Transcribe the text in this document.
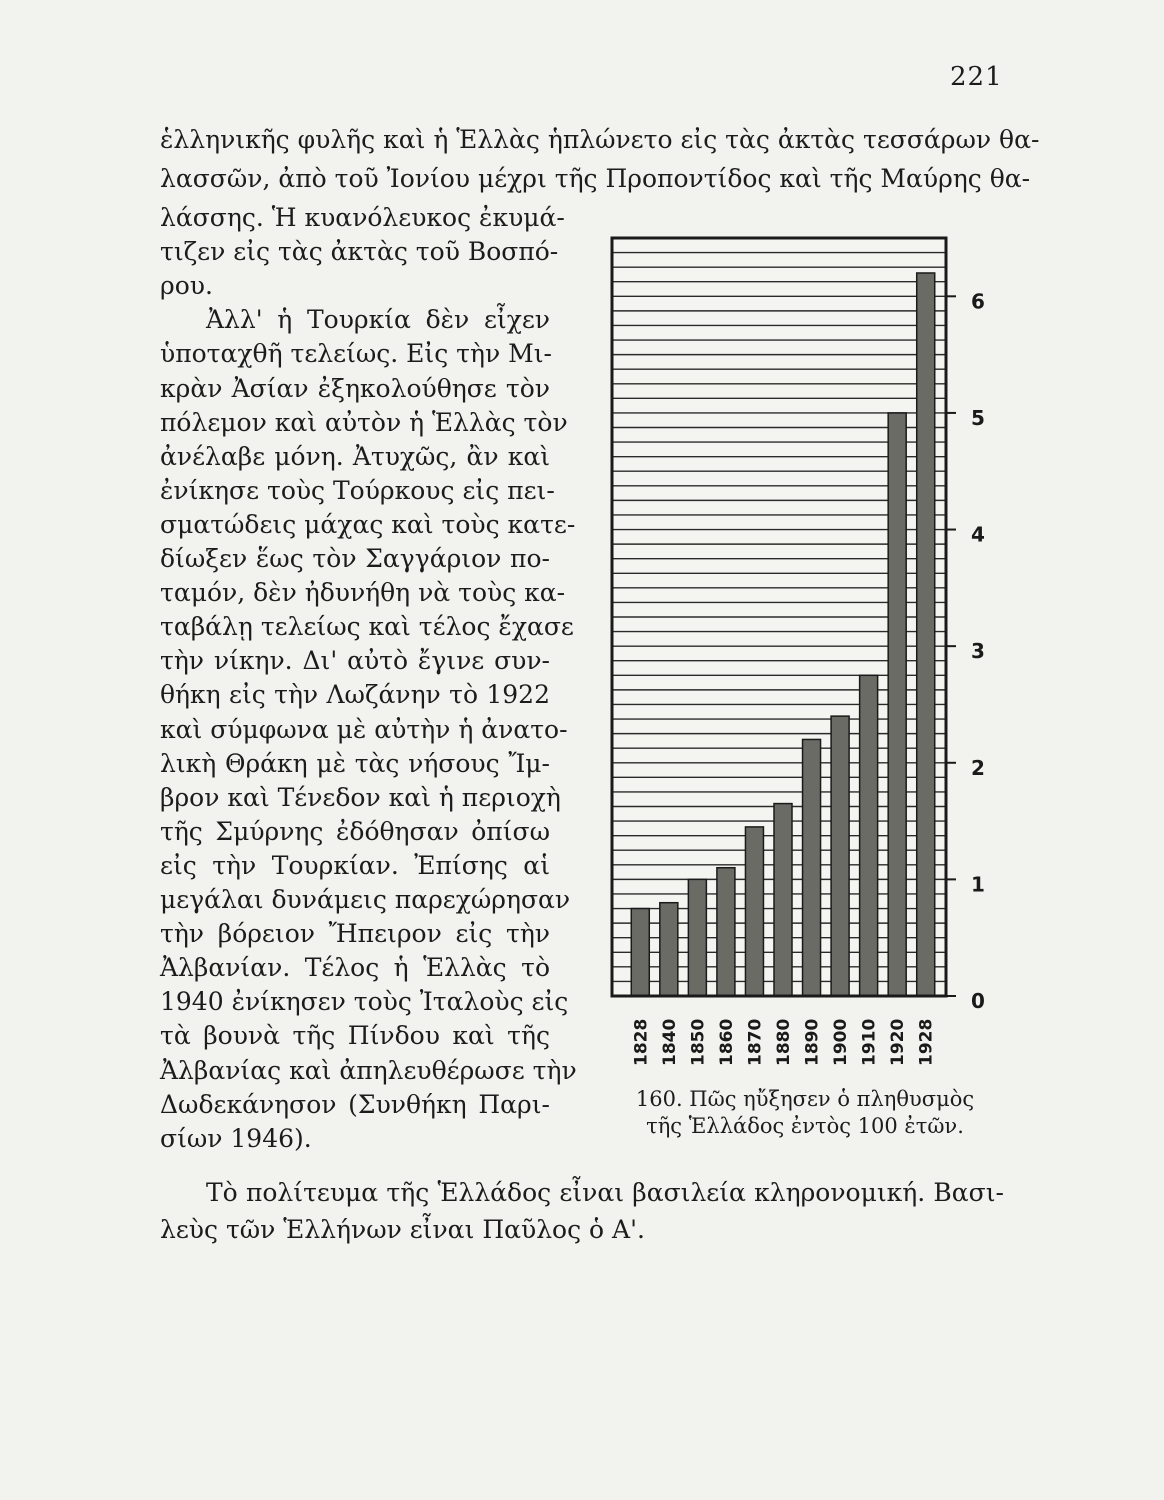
221
ἑλληνικῆς φυλῆς καὶ ἡ Ἑλλὰς ἡπλώνετο εἰς τὰς ἀκτὰς τεσσάρων θα-
λασσῶν, ἀπὸ τοῦ Ἰονίου μέχρι τῆς Προποντίδος καὶ τῆς Μαύρης θα-
λάσσης. Ἡ κυανόλευκος ἐκυμά-
τιζεν εἰς τὰς ἀκτὰς τοῦ Βοσπό-
ρου.
Ἀλλ' ἡ Τουρκία δὲν εἶχεν
ὑποταχθῆ τελείως. Εἰς τὴν Μι-
κρὰν Ἀσίαν ἐξηκολούθησε τὸν
πόλεμον καὶ αὐτὸν ἡ Ἑλλὰς τὸν
ἀνέλαβε μόνη. Ἀτυχῶς, ἂν καὶ
ἐνίκησε τοὺς Τούρκους εἰς πει-
σματώδεις μάχας καὶ τοὺς κατε-
δίωξεν ἕως τὸν Σαγγάριον πο-
ταμόν, δὲν ἠδυνήθη νὰ τοὺς κα-
ταβάλῃ τελείως καὶ τέλος ἔχασε
τὴν νίκην. Δι' αὐτὸ ἔγινε συν-
θήκη εἰς τὴν Λωζάνην τὸ 1922
καὶ σύμφωνα μὲ αὐτὴν ἡ ἀνατο-
λικὴ Θράκη μὲ τὰς νήσους Ἴμ-
βρον καὶ Τένεδον καὶ ἡ περιοχὴ
τῆς Σμύρνης ἐδόθησαν ὀπίσω
εἰς τὴν Τουρκίαν. Ἐπίσης αἱ
μεγάλαι δυνάμεις παρεχώρησαν
τὴν βόρειον Ἤπειρον εἰς τὴν
Ἀλβανίαν. Τέλος ἡ Ἑλλὰς τὸ
1940 ἐνίκησεν τοὺς Ἰταλοὺς εἰς
τὰ βουνὰ τῆς Πίνδου καὶ τῆς
Ἀλβανίας καὶ ἀπηλευθέρωσε τὴν
Δωδεκάνησον (Συνθήκη Παρι-
σίων 1946).
Τὸ πολίτευμα τῆς Ἑλλάδος εἶναι βασιλεία κληρονομική. Βασι-
λεὺς τῶν Ἑλλήνων εἶναι Παῦλος ὁ Α'.
1828 1840 1850 1860 1870 1880 1890 1900 1910 1920 1928
0
1
2
3
4
5
6
160. Πῶς ηὔξησεν ὁ πληθυσμὸς
τῆς Ἑλλάδος ἐντὸς 100 ἐτῶν.
